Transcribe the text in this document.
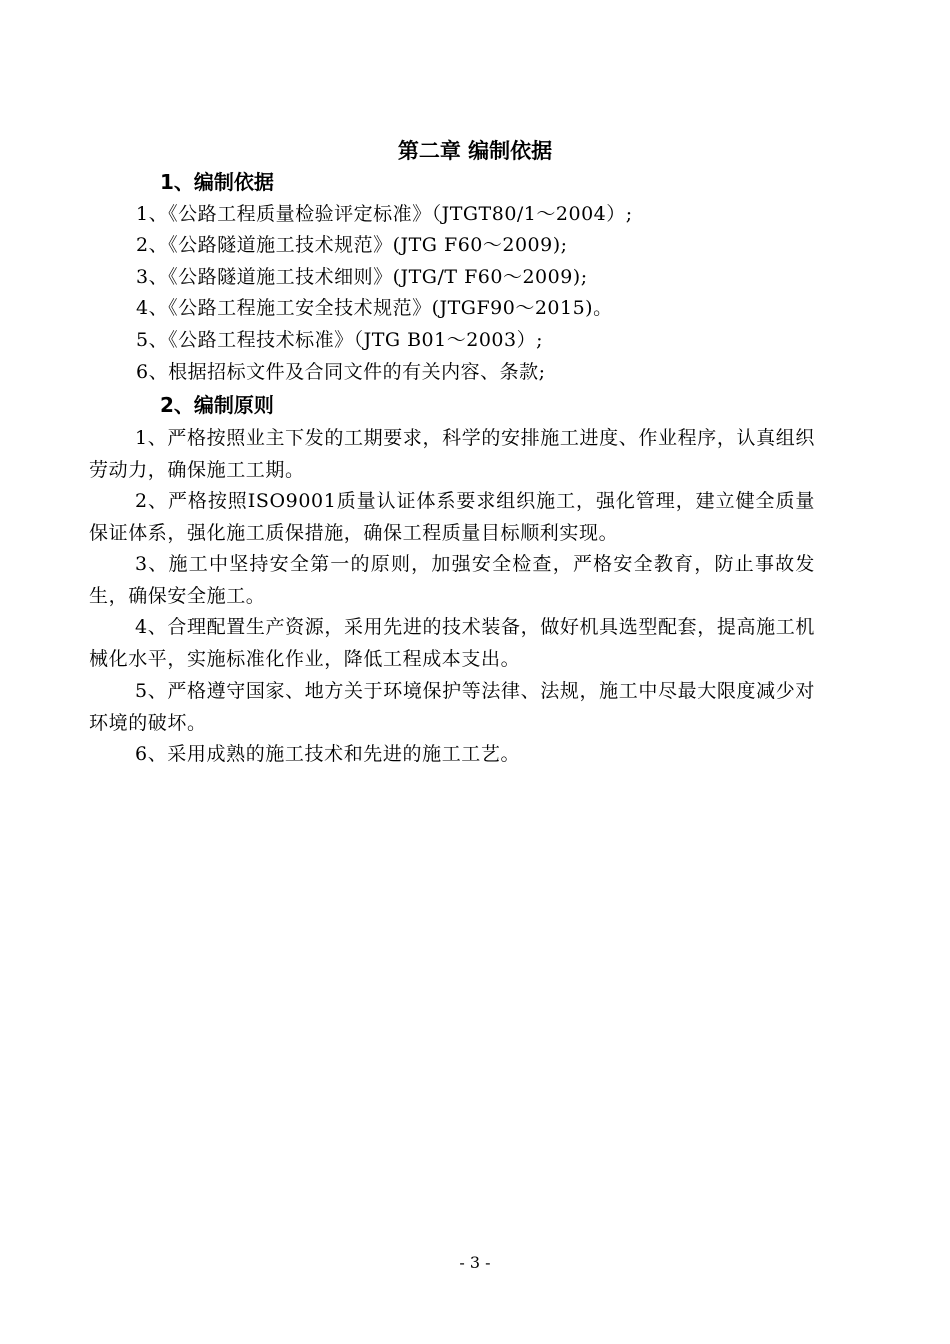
第二章 编制依据
1、编制依据
1、《公路工程质量检验评定标准》（JTGT80/1～2004）;
2、《公路隧道施工技术规范》(JTG F60～2009);
3、《公路隧道施工技术细则》(JTG/T F60～2009);
4、《公路工程施工安全技术规范》(JTGF90～2015)。
5、《公路工程技术标准》（JTG B01～2003）;
6、根据招标文件及合同文件的有关内容、条款;
2、编制原则
1、严格按照业主下发的工期要求，科学的安排施工进度、作业程序，认真组织劳动力，确保施工工期。
2、严格按照ISO9001质量认证体系要求组织施工，强化管理，建立健全质量保证体系，强化施工质保措施，确保工程质量目标顺利实现。
3、施工中坚持安全第一的原则，加强安全检查，严格安全教育，防止事故发生，确保安全施工。
4、合理配置生产资源，采用先进的技术装备，做好机具选型配套，提高施工机械化水平，实施标准化作业，降低工程成本支出。
5、严格遵守国家、地方关于环境保护等法律、法规，施工中尽最大限度减少对环境的破坏。
6、采用成熟的施工技术和先进的施工工艺。
- 3 -
